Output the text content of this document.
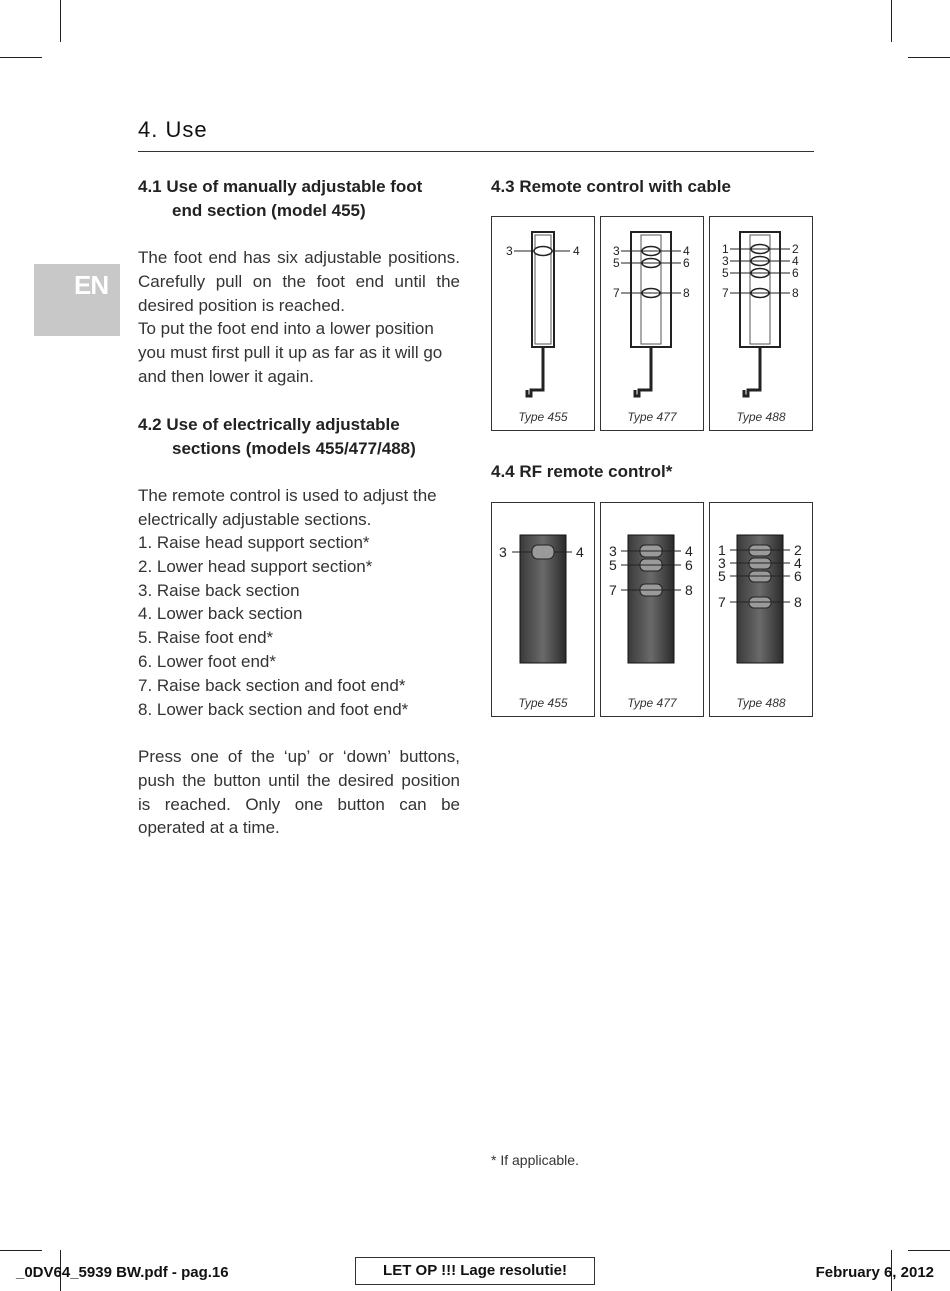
EN
6
4. Use
4.1 Use of manually adjustable foot
end section (model 455)
The foot end has six adjustable positions. Carefully pull on the foot end until the desired position is reached.
To put the foot end into a lower position you must first pull it up as far as it will go and then lower it again.
4.2 Use of electrically adjustable
sections (models 455/477/488)
The remote control is used to adjust the electrically adjustable sections.
1. Raise head support section*
2. Lower head support section*
3. Raise back section
4. Lower back section
5. Raise foot end*
6. Lower foot end*
7. Raise back section and foot end*
8. Lower back section and foot end*
Press one of the ‘up’ or ‘down’ buttons, push the button until the desired position is reached. Only one button can be operated at a time.
4.3 Remote control with cable
3	4
Type 455
3	4
5	6
7	8
Type 477
1	2
3	4
5	6
7	8
Type 488
4.4 RF remote control*
3	4
Type 455
3	4
5	6
7	8
Type 477
1	2
3	4
5	6
7	8
Type 488
* If applicable.
_0DV64_5939 BW.pdf - pag.16	LET OP !!! Lage resolutie!	February 6, 2012
